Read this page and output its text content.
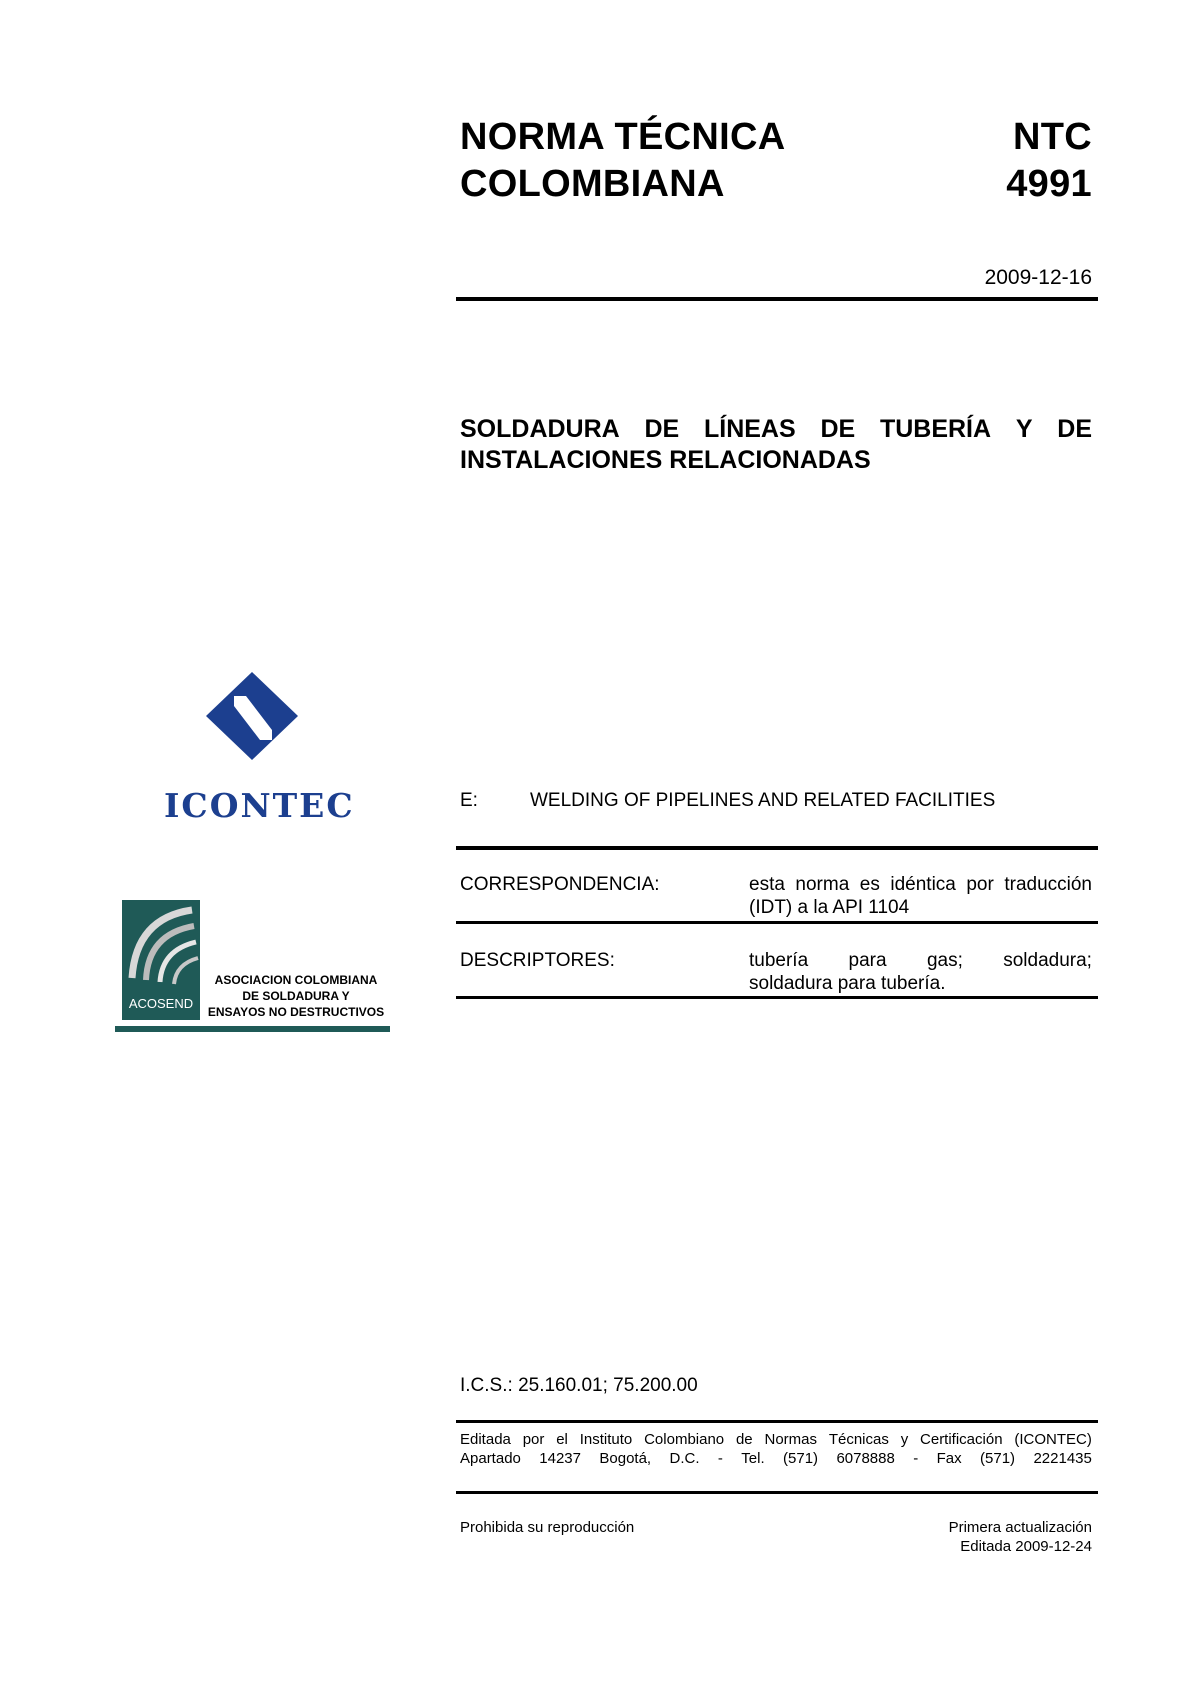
ICONTEC
ACOSEND
ASOCIACION COLOMBIANA
DE SOLDADURA Y
ENSAYOS NO DESTRUCTIVOS
NORMA TÉCNICA
COLOMBIANA
NTC
4991
2009-12-16
SOLDADURA DE LÍNEAS DE TUBERÍA Y DE
INSTALACIONES RELACIONADAS
E:	WELDING OF PIPELINES AND RELATED FACILITIES
CORRESPONDENCIA:	esta norma es idéntica por traducción
(IDT) a la API 1104
DESCRIPTORES:	tubería para gas; soldadura;
soldadura para tubería.
I.C.S.: 25.160.01; 75.200.00
Editada por el Instituto Colombiano de Normas Técnicas y Certificación (ICONTEC)
Apartado 14237 Bogotá, D.C. - Tel. (571) 6078888 - Fax (571) 2221435
Prohibida su reproducción	Primera actualización
Editada 2009-12-24
